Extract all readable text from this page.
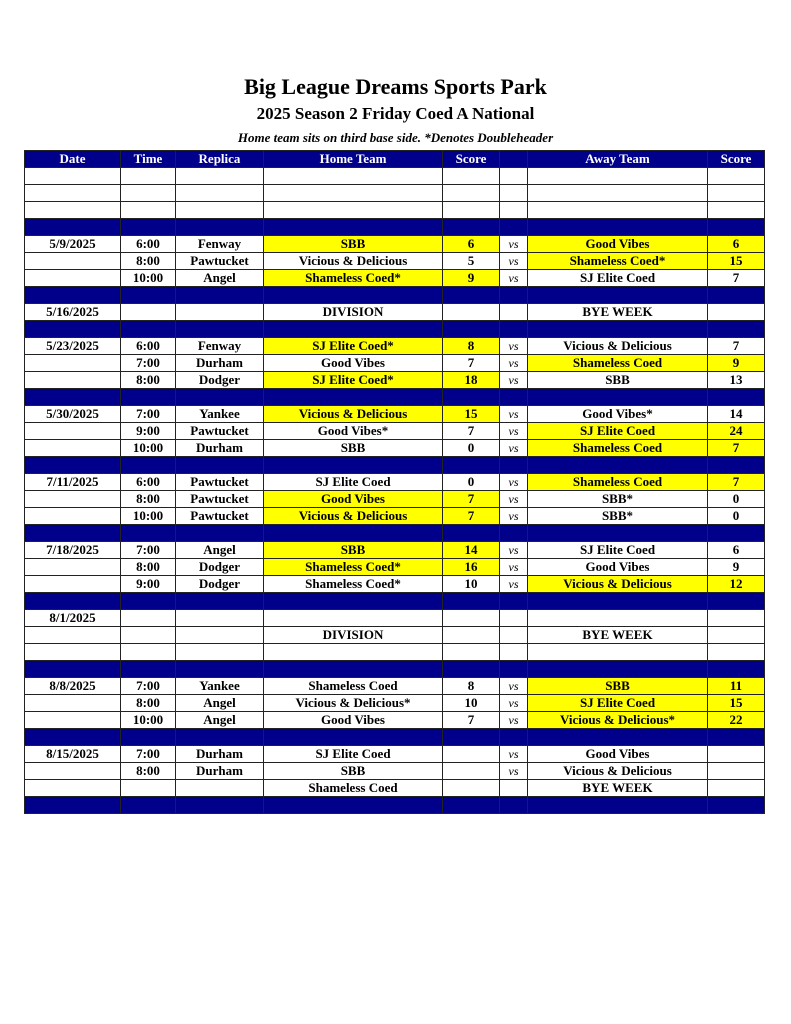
Big League Dreams Sports Park
2025 Season 2 Friday Coed A National
Home team sits on third base side. *Denotes Doubleheader
Date	Time	Replica	Home Team	Score		Away Team	Score

5/9/2025	6:00	Fenway	SBB	6	vs	Good Vibes	6
	8:00	Pawtucket	Vicious & Delicious	5	vs	Shameless Coed*	15
	10:00	Angel	Shameless Coed*	9	vs	SJ Elite Coed	7

5/16/2025			DIVISION			BYE WEEK	

5/23/2025	6:00	Fenway	SJ Elite Coed*	8	vs	Vicious & Delicious	7
	7:00	Durham	Good Vibes	7	vs	Shameless Coed	9
	8:00	Dodger	SJ Elite Coed*	18	vs	SBB	13

5/30/2025	7:00	Yankee	Vicious & Delicious	15	vs	Good Vibes*	14
	9:00	Pawtucket	Good Vibes*	7	vs	SJ Elite Coed	24
	10:00	Durham	SBB	0	vs	Shameless Coed	7

7/11/2025	6:00	Pawtucket	SJ Elite Coed	0	vs	Shameless Coed	7
	8:00	Pawtucket	Good Vibes	7	vs	SBB*	0
	10:00	Pawtucket	Vicious & Delicious	7	vs	SBB*	0

7/18/2025	7:00	Angel	SBB	14	vs	SJ Elite Coed	6
	8:00	Dodger	Shameless Coed*	16	vs	Good Vibes	9
	9:00	Dodger	Shameless Coed*	10	vs	Vicious & Delicious	12

8/1/2025							
			DIVISION			BYE WEEK	

8/8/2025	7:00	Yankee	Shameless Coed	8	vs	SBB	11
	8:00	Angel	Vicious & Delicious*	10	vs	SJ Elite Coed	15
	10:00	Angel	Good Vibes	7	vs	Vicious & Delicious*	22

8/15/2025	7:00	Durham	SJ Elite Coed		vs	Good Vibes	
	8:00	Durham	SBB		vs	Vicious & Delicious	
			Shameless Coed			BYE WEEK	
